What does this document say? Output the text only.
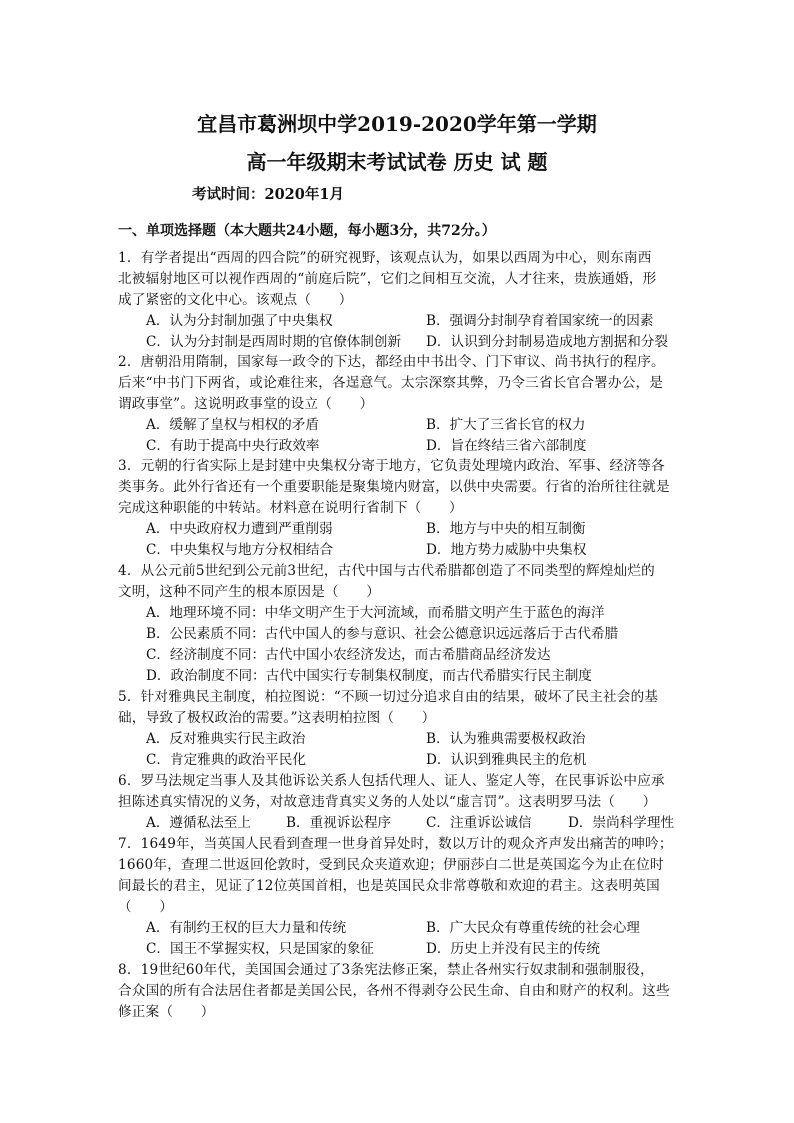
宜昌市葛洲坝中学2019-2020学年第一学期
高一年级期末考试试卷 历史 试 题
考试时间：2020年1月
一、单项选择题（本大题共24小题，每小题3分，共72分。）
1．有学者提出“西周的四合院”的研究视野，该观点认为，如果以西周为中心，则东南西
北被辐射地区可以视作西周的“前庭后院”，它们之间相互交流，人才往来，贵族通婚，形
成了紧密的文化中心。该观点（　　）
A．认为分封制加强了中央集权	B．强调分封制孕育着国家统一的因素
C．认为分封制是西周时期的官僚体制创新 D．认识到分封制易造成地方割据和分裂
2．唐朝沿用隋制，国家每一政令的下达，都经由中书出令、门下审议、尚书执行的程序。
后来“中书门下两省，或论难往来，各逞意气。太宗深察其弊，乃令三省长官合署办公，是
谓政事堂”。这说明政事堂的设立（　　）
A．缓解了皇权与相权的矛盾	B．扩大了三省长官的权力
C．有助于提高中央行政效率	D．旨在终结三省六部制度
3．元朝的行省实际上是封建中央集权分寄于地方，它负责处理境内政治、军事、经济等各
类事务。此外行省还有一个重要职能是聚集境内财富，以供中央需要。行省的治所往往就是
完成这种职能的中转站。材料意在说明行省制下（　　）
A．中央政府权力遭到严重削弱	B．地方与中央的相互制衡
C．中央集权与地方分权相结合	D．地方势力威胁中央集权
4．从公元前5世纪到公元前3世纪，古代中国与古代希腊都创造了不同类型的辉煌灿烂的
文明，这种不同产生的根本原因是（　　）
A．地理环境不同：中华文明产生于大河流域，而希腊文明产生于蓝色的海洋
B．公民素质不同：古代中国人的参与意识、社会公德意识远远落后于古代希腊
C．经济制度不同：古代中国小农经济发达，而古希腊商品经济发达
D．政治制度不同：古代中国实行专制集权制度，而古代希腊实行民主制度
5．针对雅典民主制度，柏拉图说：“不顾一切过分追求自由的结果，破坏了民主社会的基
础，导致了极权政治的需要。”这表明柏拉图（　　）
A．反对雅典实行民主政治	B．认为雅典需要极权政治
C．肯定雅典的政治平民化	D．认识到雅典民主的危机
6．罗马法规定当事人及其他诉讼关系人包括代理人、证人、鉴定人等，在民事诉讼中应承
担陈述真实情况的义务，对故意违背真实义务的人处以“虚言罚”。这表明罗马法（　　）
A．遵循私法至上	B．重视诉讼程序	C．注重诉讼诚信	D．崇尚科学理性
7．1649年，当英国人民看到查理一世身首异处时，数以万计的观众齐声发出痛苦的呻吟；
1660年，查理二世返回伦敦时，受到民众夹道欢迎；伊丽莎白二世是英国迄今为止在位时
间最长的君主，见证了12位英国首相，也是英国民众非常尊敬和欢迎的君主。这表明英国
（　　）
A．有制约王权的巨大力量和传统	B．广大民众有尊重传统的社会心理
C．国王不掌握实权，只是国家的象征	D．历史上并没有民主的传统
8．19世纪60年代，美国国会通过了3条宪法修正案，禁止各州实行奴隶制和强制服役，
合众国的所有合法居住者都是美国公民，各州不得剥夺公民生命、自由和财产的权利。这些
修正案（　　）
